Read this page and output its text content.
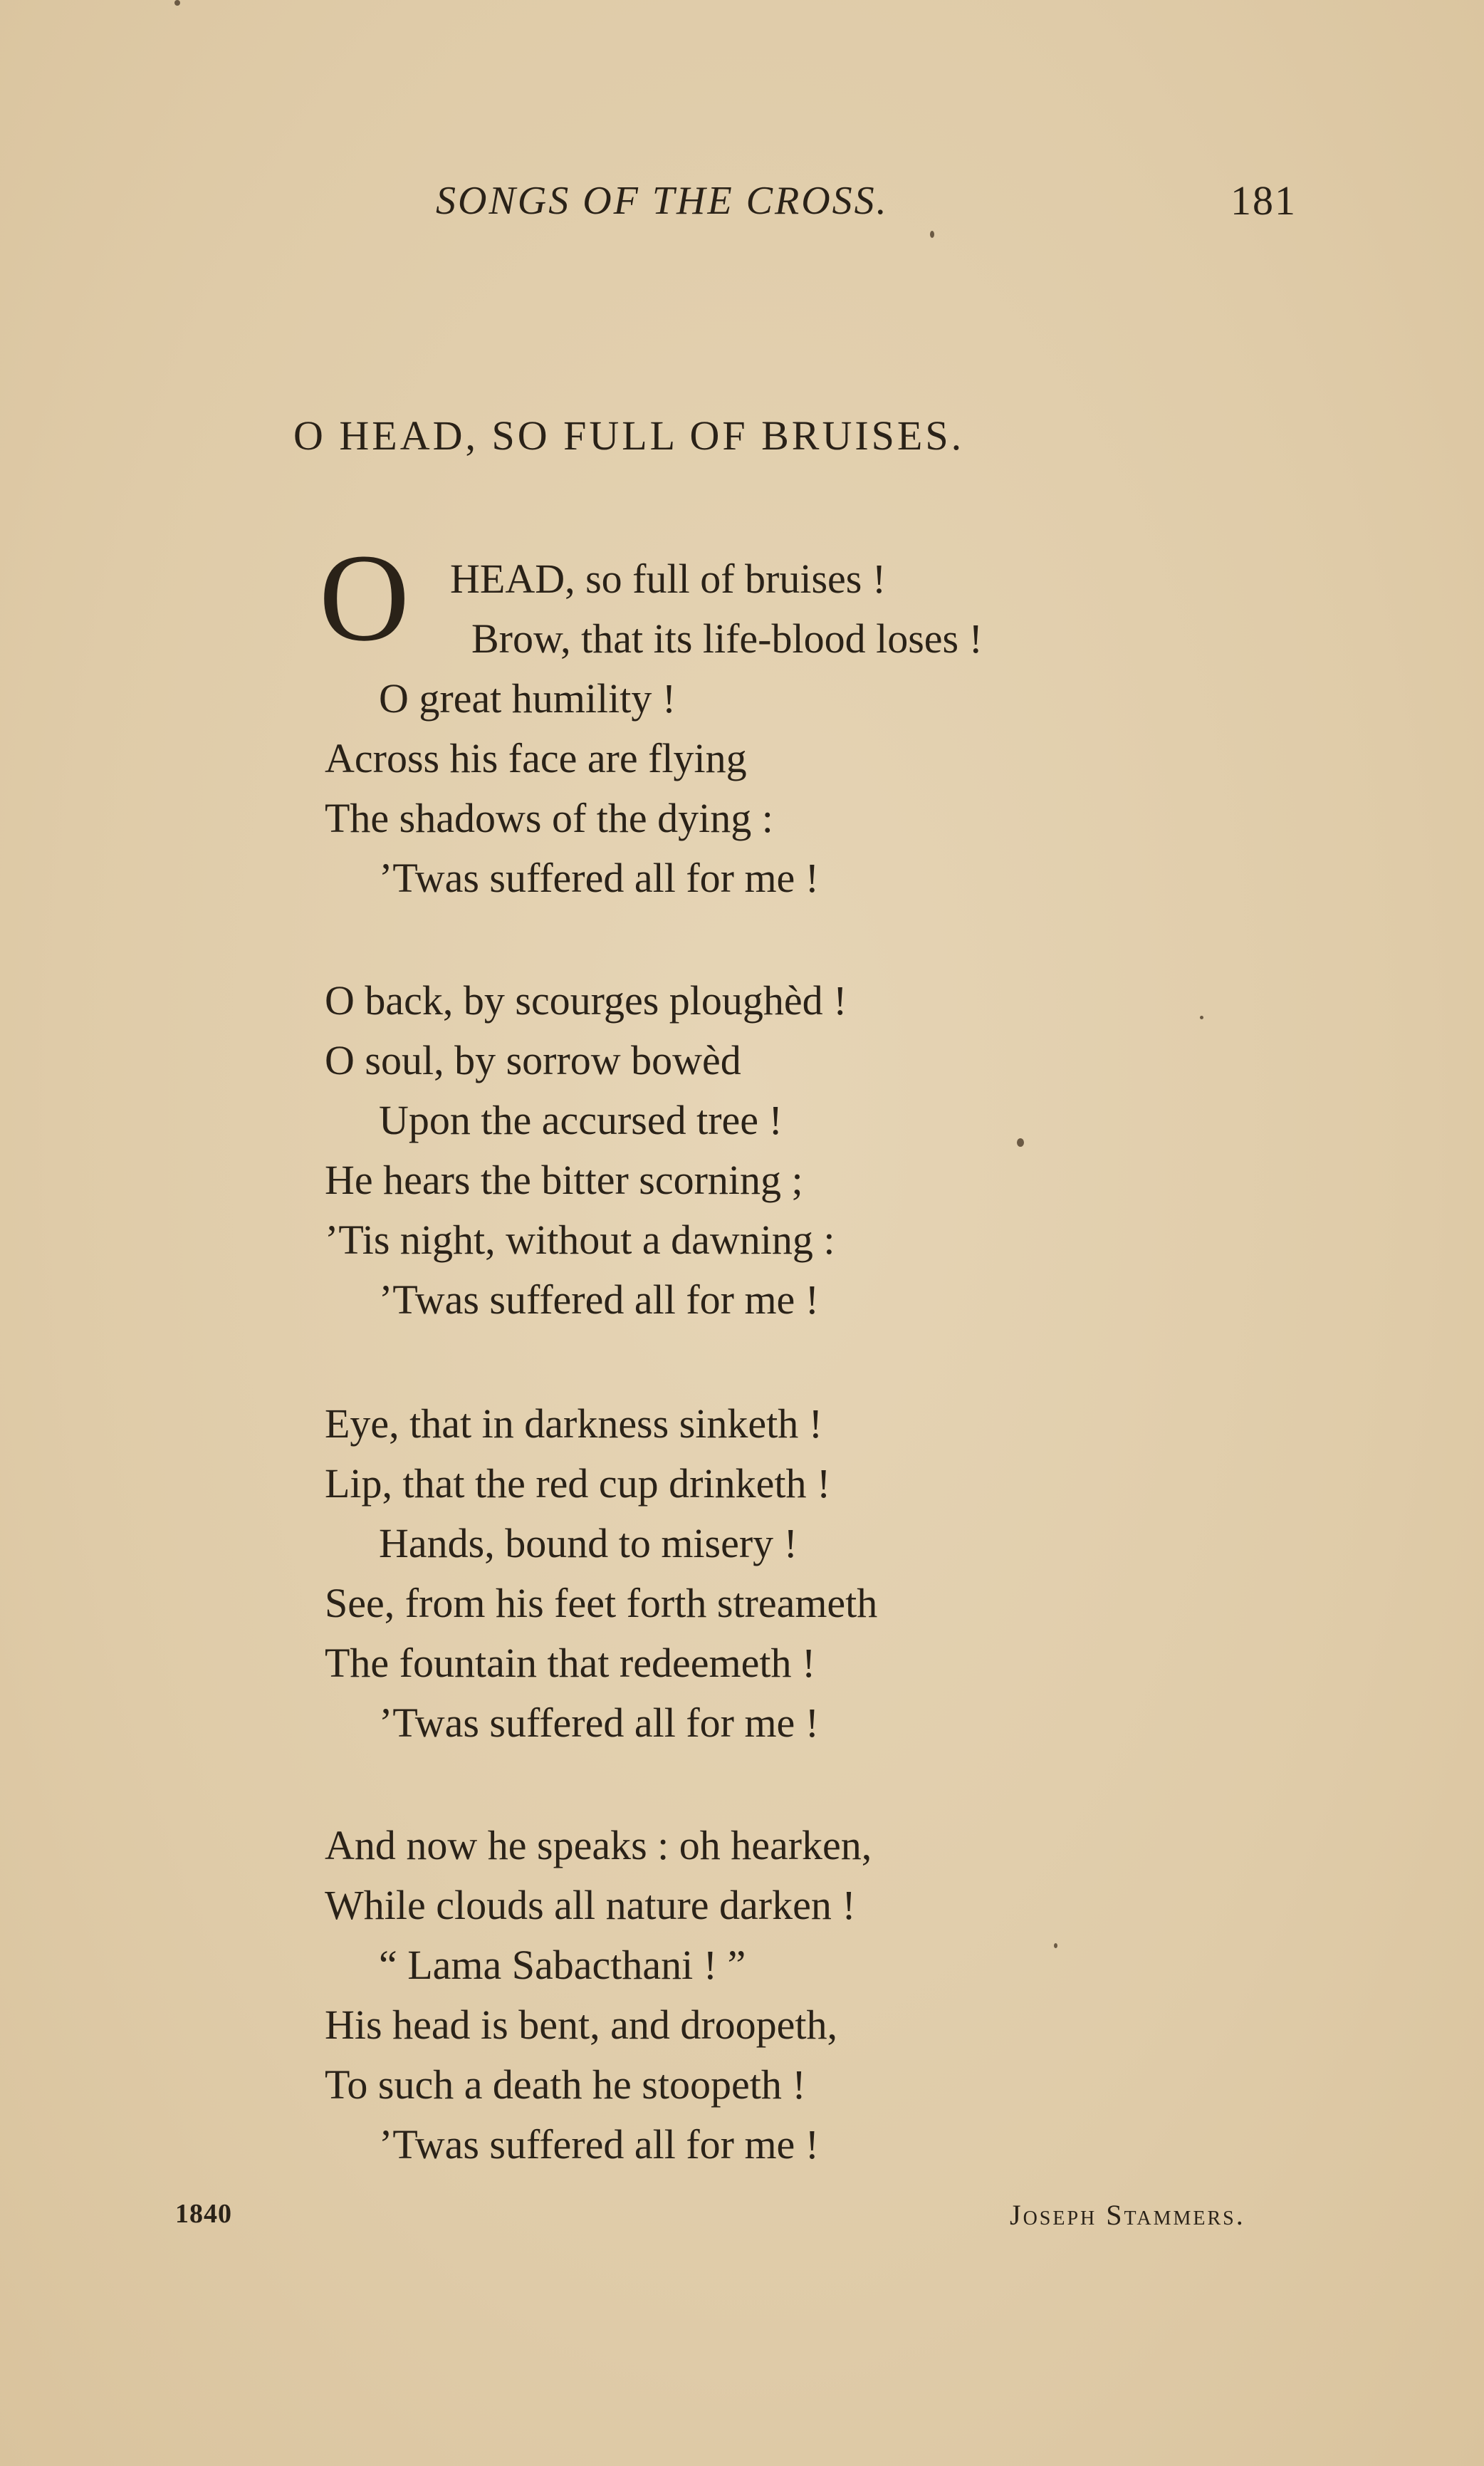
SONGS OF THE CROSS.	181
O HEAD, SO FULL OF BRUISES.
O HEAD, so full of bruises !
Brow, that its life-blood loses !
O great humility !
Across his face are flying
The shadows of the dying :
’Twas suffered all for me !
O back, by scourges ploughèd !
O soul, by sorrow bowèd
Upon the accursed tree !
He hears the bitter scorning ;
’Tis night, without a dawning :
’Twas suffered all for me !
Eye, that in darkness sinketh !
Lip, that the red cup drinketh !
Hands, bound to misery !
See, from his feet forth streameth
The fountain that redeemeth !
’Twas suffered all for me !
And now he speaks : oh hearken,
While clouds all nature darken !
“ Lama Sabacthani ! ”
His head is bent, and droopeth,
To such a death he stoopeth !
’Twas suffered all for me !
1840	Joseph Stammers.
